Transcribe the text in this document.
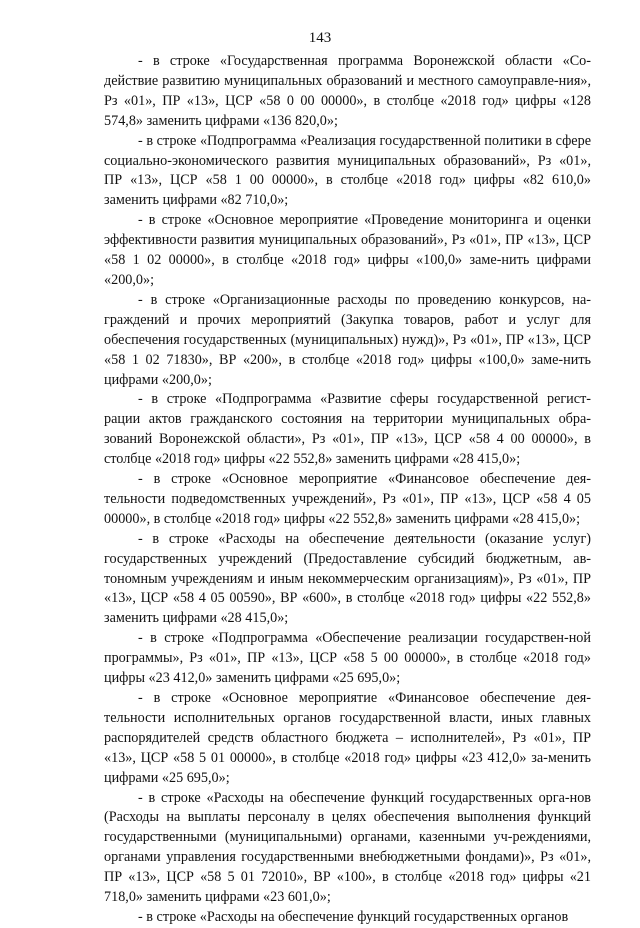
143

- в строке «Государственная программа Воронежской области «Со-действие развитию муниципальных образований и местного самоуправле-ния», Рз «01», ПР «13», ЦСР «58 0 00 00000», в столбце «2018 год» цифры «128 574,8» заменить цифрами «136 820,0»;

- в строке «Подпрограмма «Реализация государственной политики в сфере социально-экономического развития муниципальных образований», Рз «01», ПР «13», ЦСР «58 1 00 00000», в столбце «2018 год» цифры «82 610,0» заменить цифрами «82 710,0»;

- в строке «Основное мероприятие «Проведение мониторинга и оценки эффективности развития муниципальных образований», Рз «01», ПР «13», ЦСР «58 1 02 00000», в столбце «2018 год» цифры «100,0» заме-нить цифрами «200,0»;

- в строке «Организационные расходы по проведению конкурсов, на-граждений и прочих мероприятий (Закупка товаров, работ и услуг для обеспечения государственных (муниципальных) нужд)», Рз «01», ПР «13», ЦСР «58 1 02 71830», ВР «200», в столбце «2018 год» цифры «100,0» заме-нить цифрами «200,0»;

- в строке «Подпрограмма «Развитие сферы государственной регист-рации актов гражданского состояния на территории муниципальных обра-зований Воронежской области», Рз «01», ПР «13», ЦСР «58 4 00 00000», в столбце «2018 год» цифры «22 552,8» заменить цифрами «28 415,0»;

- в строке «Основное мероприятие «Финансовое обеспечение дея-тельности подведомственных учреждений», Рз «01», ПР «13», ЦСР «58 4 05 00000», в столбце «2018 год» цифры «22 552,8» заменить цифрами «28 415,0»;

- в строке «Расходы на обеспечение деятельности (оказание услуг) государственных учреждений (Предоставление субсидий бюджетным, ав-тономным учреждениям и иным некоммерческим организациям)», Рз «01», ПР «13», ЦСР «58 4 05 00590», ВР «600», в столбце «2018 год» цифры «22 552,8» заменить цифрами «28 415,0»;

- в строке «Подпрограмма «Обеспечение реализации государствен-ной программы», Рз «01», ПР «13», ЦСР «58 5 00 00000», в столбце «2018 год» цифры «23 412,0» заменить цифрами «25 695,0»;

- в строке «Основное мероприятие «Финансовое обеспечение дея-тельности исполнительных органов государственной власти, иных главных распорядителей средств областного бюджета – исполнителей», Рз «01», ПР «13», ЦСР «58 5 01 00000», в столбце «2018 год» цифры «23 412,0» за-менить цифрами «25 695,0»;

- в строке «Расходы на обеспечение функций государственных орга-нов (Расходы на выплаты персоналу в целях обеспечения выполнения функций государственными (муниципальными) органами, казенными уч-реждениями, органами управления государственными внебюджетными фондами)», Рз «01», ПР «13», ЦСР «58 5 01 72010», ВР «100», в столбце «2018 год» цифры «21 718,0» заменить цифрами «23 601,0»;

- в строке «Расходы на обеспечение функций государственных органов
